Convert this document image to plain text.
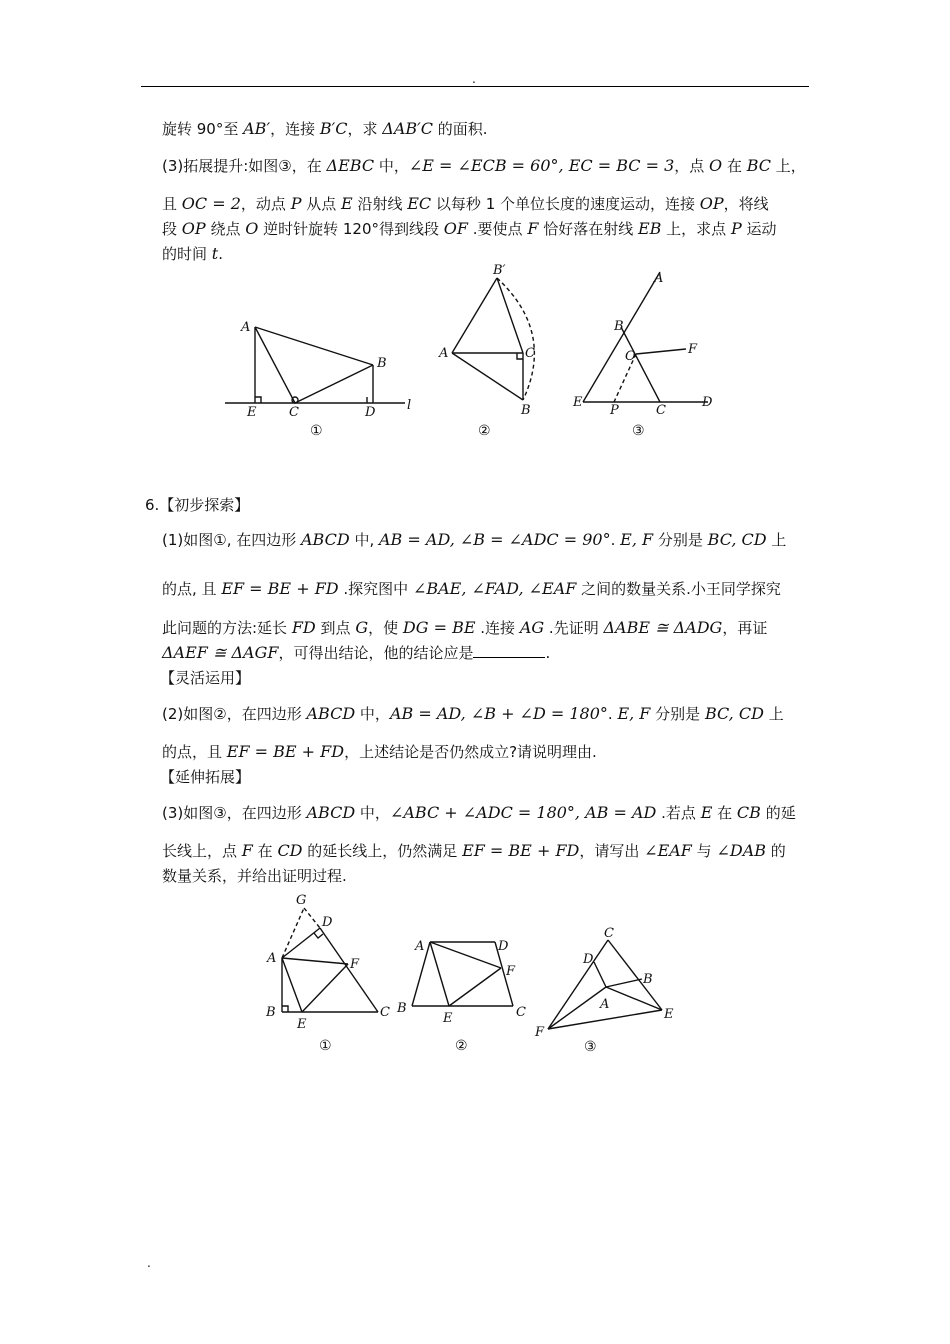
.
旋转 90°至 AB′，连接 B′C，求 ΔAB′C 的面积.
(3)拓展提升:如图③，在 ΔEBC 中，∠E = ∠ECB = 60°, EC = BC = 3，点 O 在 BC 上，
且 OC = 2，动点 P 从点 E 沿射线 EC 以每秒 1 个单位长度的速度运动，连接 OP，将线
段 OP 绕点 O 逆时针旋转 120°得到线段 OF .要使点 F 恰好落在射线 EB 上，求点 P 运动
的时间 t.
A
B
E	C	D l
①
B′
A	C
B
②
A
B
O	F
E
P	C
D
③
6.【初步探索】
(1)如图①, 在四边形 ABCD 中, AB = AD, ∠B = ∠ADC = 90°. E, F 分别是 BC, CD 上
的点, 且 EF = BE + FD .探究图中 ∠BAE, ∠FAD, ∠EAF 之间的数量关系.小王同学探究
此问题的方法:延长 FD 到点 G，使 DG = BE .连接 AG .先证明 ΔABE ≅ ΔADG，再证
ΔAEF ≅ ΔAGF，可得出结论，他的结论应是	.
【灵活运用】
(2)如图②，在四边形 ABCD 中，AB = AD, ∠B + ∠D = 180°. E, F 分别是 BC, CD 上
的点，且 EF = BE + FD，上述结论是否仍然成立?请说明理由.
【延伸拓展】
(3)如图③，在四边形 ABCD 中，∠ABC + ∠ADC = 180°, AB = AD .若点 E 在 CB 的延
长线上，点 F 在 CD 的延长线上，仍然满足 EF = BE + FD，请写出 ∠EAF 与 ∠DAB 的
数量关系，并给出证明过程.
G
D
A	F
B
E
C
①
A	D
F
B
E	C
②
C
D
B
A
E
F
③
.
